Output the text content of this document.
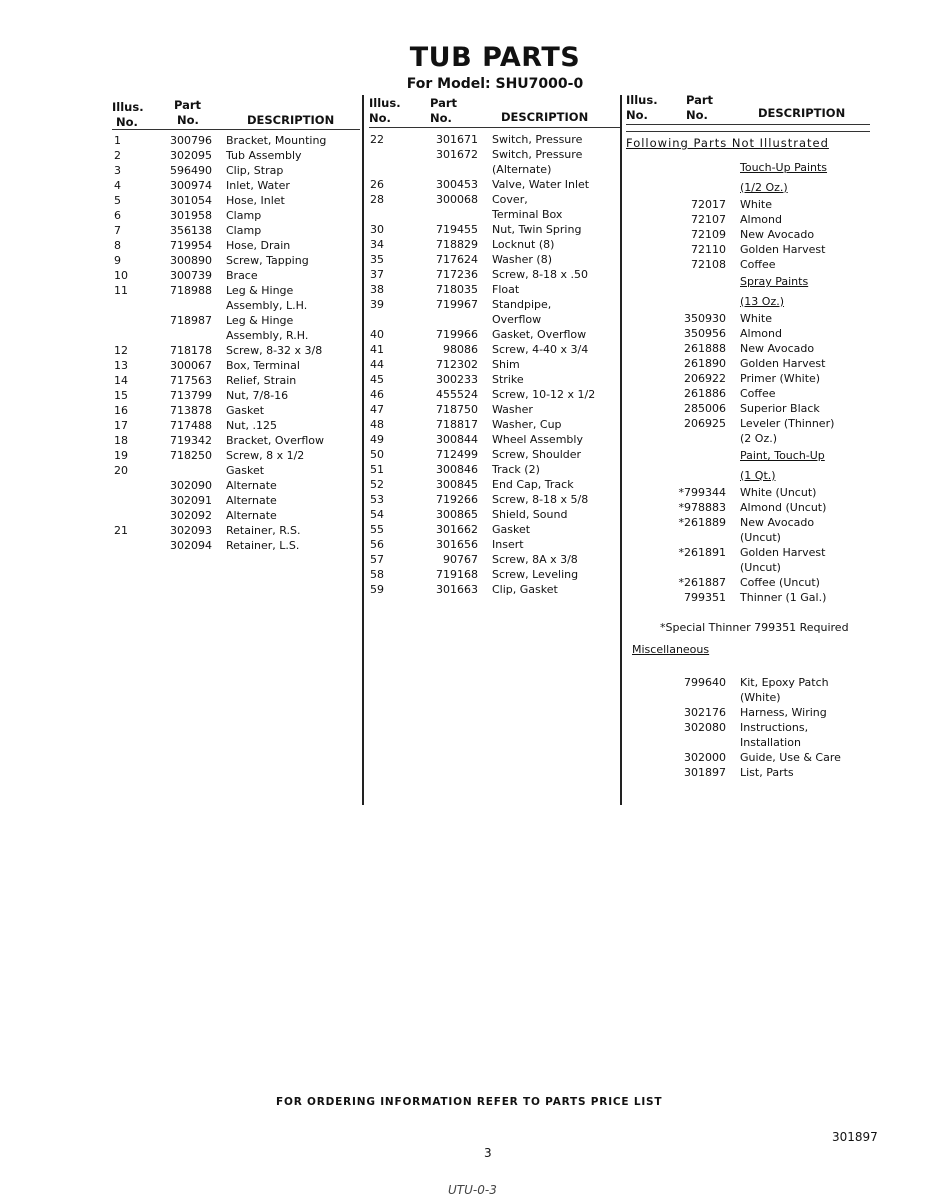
TUB PARTS
For Model: SHU7000-0
Illus.
No.
Part
No.	DESCRIPTION
Illus.
No.
Part
No.	DESCRIPTION
Illus.
No.
Part
No.	DESCRIPTION
Following Parts Not Illustrated
1	300796 Bracket, Mounting
2	302095 Tub Assembly
3	596490 Clip, Strap
4	300974 Inlet, Water
5	301054 Hose, Inlet
6	301958 Clamp
7	356138 Clamp
8	719954 Hose, Drain
9	300890 Screw, Tapping
10	300739 Brace
11	718988 Leg & Hinge
Assembly, L.H.
718987 Leg & Hinge
Assembly, R.H.
12	718178 Screw, 8-32 x 3/8
13	300067 Box, Terminal
14	717563 Relief, Strain
15	713799 Nut, 7/8-16
16	713878 Gasket
17	717488 Nut, .125
18	719342 Bracket, Overflow
19	718250 Screw, 8 x 1/2
20	Gasket
302090 Alternate
302091 Alternate
302092 Alternate
21	302093 Retainer, R.S.
302094 Retainer, L.S.
22	301671 Switch, Pressure
301672 Switch, Pressure
(Alternate)
26	300453 Valve, Water Inlet
28	300068 Cover,
Terminal Box
30	719455 Nut, Twin Spring
34	718829 Locknut (8)
35	717624 Washer (8)
37	717236 Screw, 8-18 x .50
38	718035 Float
39	719967 Standpipe,
Overflow
40	719966 Gasket, Overflow
41	98086 Screw, 4-40 x 3/4
44	712302 Shim
45	300233 Strike
46	455524 Screw, 10-12 x 1/2
47	718750 Washer
48	718817 Washer, Cup
49	300844 Wheel Assembly
50	712499 Screw, Shoulder
51	300846 Track (2)
52	300845 End Cap, Track
53	719266 Screw, 8-18 x 5/8
54	300865 Shield, Sound
55	301662 Gasket
56	301656 Insert
57	90767 Screw, 8A x 3/8
58	719168 Screw, Leveling
59	301663 Clip, Gasket
Touch-Up Paints
(1/2 Oz.)
72017 White
72107 Almond
72109 New Avocado
72110 Golden Harvest
72108 Coffee
Spray Paints
(13 Oz.)
350930 White
350956 Almond
261888 New Avocado
261890 Golden Harvest
206922 Primer (White)
261886 Coffee
285006 Superior Black
206925 Leveler (Thinner)
(2 Oz.)
Paint, Touch-Up
(1 Qt.)
*799344 White (Uncut)
*978883 Almond (Uncut)
*261889 New Avocado
(Uncut)
*261891 Golden Harvest
(Uncut)
*261887 Coffee (Uncut)
799351 Thinner (1 Gal.)
*Special Thinner 799351 Required
Miscellaneous
799640 Kit, Epoxy Patch
(White)
302176 Harness, Wiring
302080 Instructions,
Installation
302000 Guide, Use & Care
301897 List, Parts
FOR ORDERING INFORMATION REFER TO PARTS PRICE LIST
301897
3
UTU-0-3
